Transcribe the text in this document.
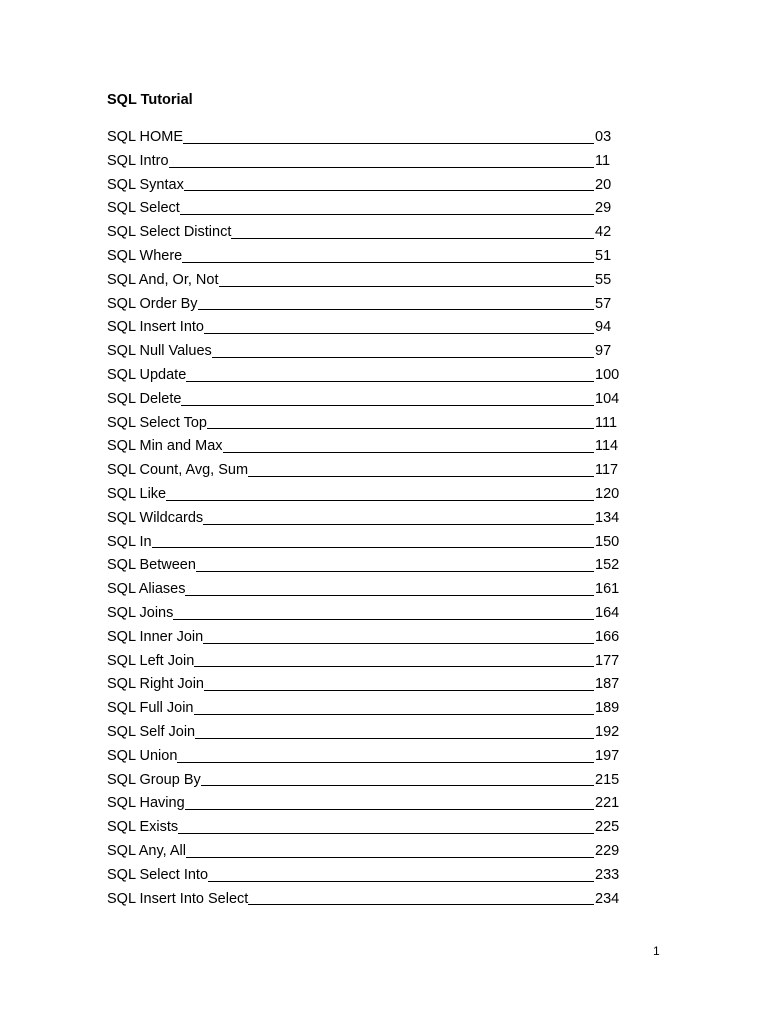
SQL Tutorial
SQL HOME	03
SQL Intro	11
SQL Syntax	20
SQL Select	29
SQL Select Distinct	42
SQL Where	51
SQL And, Or, Not	55
SQL Order By	57
SQL Insert Into	94
SQL Null Values	97
SQL Update	100
SQL Delete	104
SQL Select Top	111
SQL Min and Max	114
SQL Count, Avg, Sum	117
SQL Like	120
SQL Wildcards	134
SQL In	150
SQL Between	152
SQL Aliases	161
SQL Joins	164
SQL Inner Join	166
SQL Left Join	177
SQL Right Join	187
SQL Full Join	189
SQL Self Join	192
SQL Union	197
SQL Group By	215
SQL Having	221
SQL Exists	225
SQL Any, All	229
SQL Select Into	233
SQL Insert Into Select	234
1
